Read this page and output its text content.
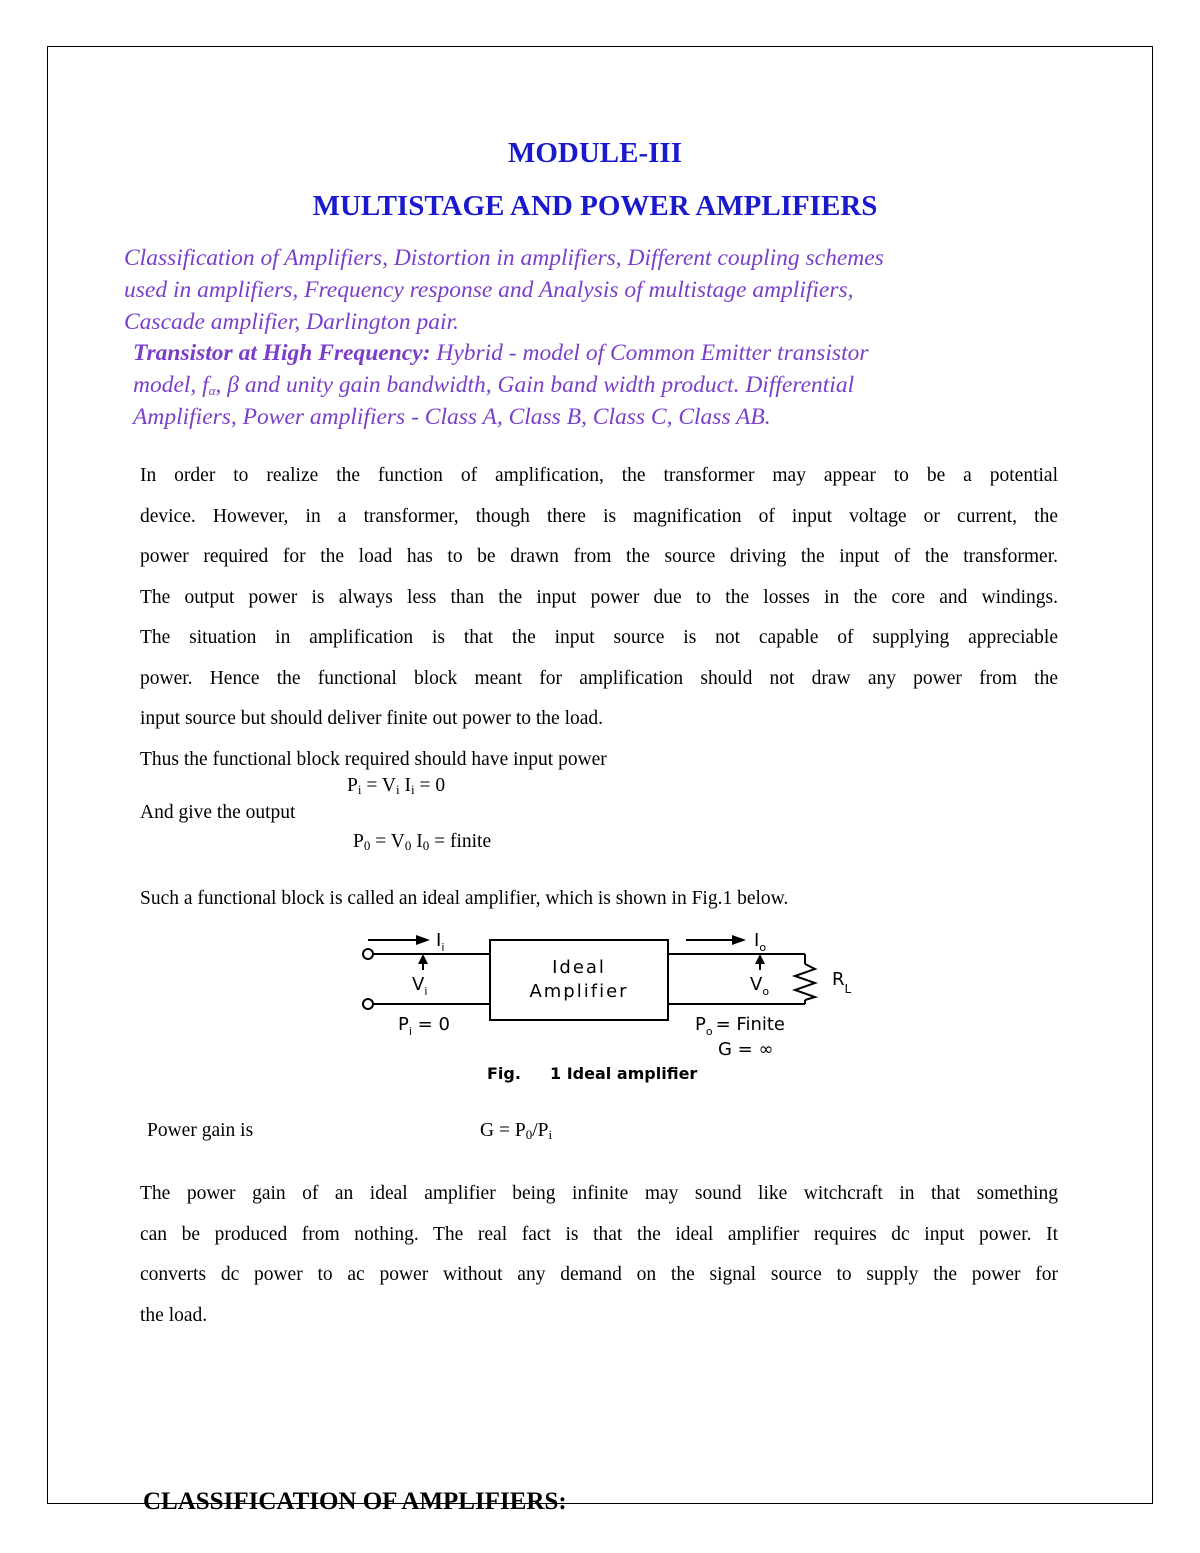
MODULE-III
MULTISTAGE AND POWER AMPLIFIERS
Classification of Amplifiers, Distortion in amplifiers, Different coupling schemes
used in amplifiers, Frequency response and Analysis of multistage amplifiers,
Cascade amplifier, Darlington pair.
Transistor at High Frequency: Hybrid - model of Common Emitter transistor
model, $f_\alpha$, β and unity gain bandwidth, Gain band width product. Differential
Amplifiers, Power amplifiers - Class A, Class B, Class C, Class AB.
In order to realize the function of amplification, the transformer may appear to be a potential
device. However, in a transformer, though there is magnification of input voltage or current, the
power required for the load has to be drawn from the source driving the input of the transformer.
The output power is always less than the input power due to the losses in the core and windings.
The situation in amplification is that the input source is not capable of supplying appreciable
power. Hence the functional block meant for amplification should not draw any power from the
input source but should deliver finite out power to the load.
Thus the functional block required should have input power
$P_i = V_i$ $I_i = 0$
And give the output
$P_0 = V_0$ $I_0$ = finite
Such a functional block is called an ideal amplifier, which is shown in Fig.1 below.
$I_i$	$I_o$
$V_i$	$V_o$
Ideal
Amplifier
$R_L$
$P_i = 0$	$P_o$ = Finite
G = ∞
Fig. 1 Ideal amplifier
Power gain is	$G = P_0/P_i$
The power gain of an ideal amplifier being infinite may sound like witchcraft in that something
can be produced from nothing. The real fact is that the ideal amplifier requires dc input power. It
converts dc power to ac power without any demand on the signal source to supply the power for
the load.
CLASSIFICATION OF AMPLIFIERS:
